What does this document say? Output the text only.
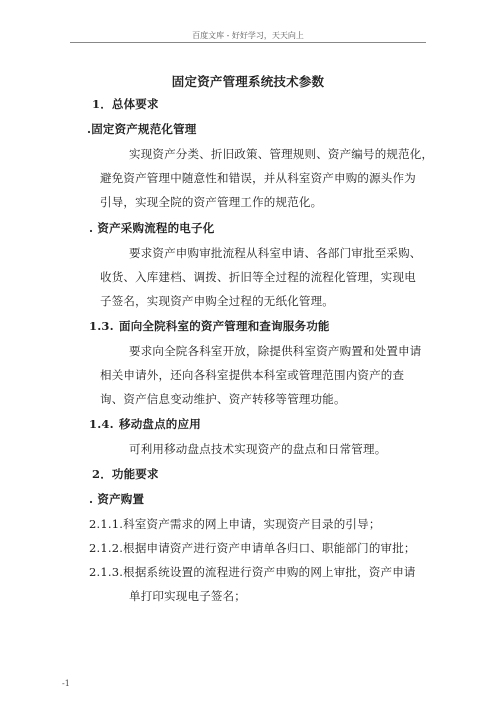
百度文库 - 好好学习，天天向上
固定资产管理系统技术参数
1．总体要求
.固定资产规范化管理
实现资产分类、折旧政策、管理规则、资产编号的规范化，
避免资产管理中随意性和错误，并从科室资产申购的源头作为
引导，实现全院的资产管理工作的规范化。
. 资产采购流程的电子化
要求资产申购审批流程从科室申请、各部门审批至采购、
收货、入库建档、调拨、折旧等全过程的流程化管理，实现电
子签名，实现资产申购全过程的无纸化管理。
1.3. 面向全院科室的资产管理和查询服务功能
要求向全院各科室开放，除提供科室资产购置和处置申请
相关申请外，还向各科室提供本科室或管理范围内资产的查
询、资产信息变动维护、资产转移等管理功能。
1.4. 移动盘点的应用
可利用移动盘点技术实现资产的盘点和日常管理。
2．功能要求
. 资产购置
2.1.1.科室资产需求的网上申请，实现资产目录的引导；
2.1.2.根据申请资产进行资产申请单各归口、职能部门的审批；
2.1.3.根据系统设置的流程进行资产申购的网上审批，资产申请
单打印实现电子签名；
-1
